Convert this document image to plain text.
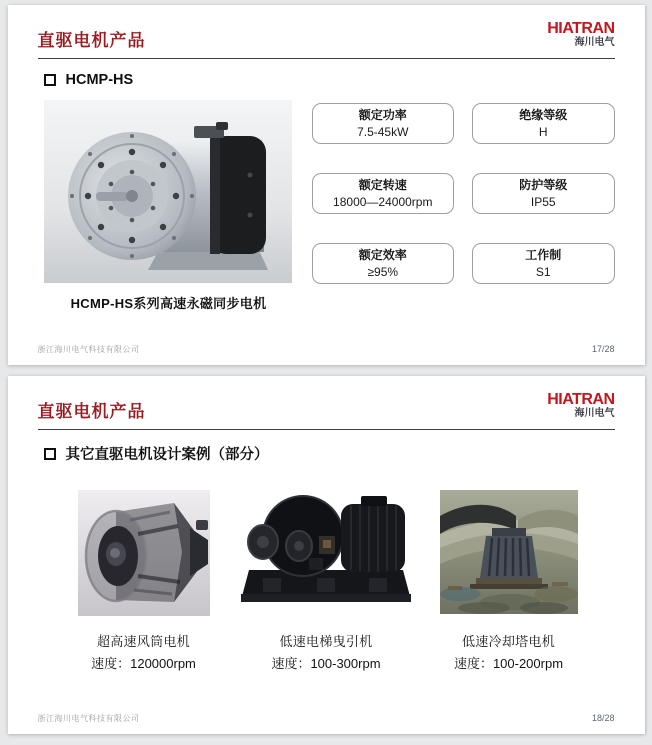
直驱电机产品
HIATRAN
海川电气
HCMP-HS
HCMP-HS系列高速永磁同步电机
额定功率
7.5-45kW
绝缘等级
H
额定转速
18000—24000rpm
防护等级
IP55
额定效率
≥95%
工作制
S1
浙江海川电气科技有限公司	17/28
直驱电机产品
HIATRAN
海川电气
其它直驱电机设计案例（部分）
超高速风筒电机
速度：120000rpm
低速电梯曳引机
速度：100-300rpm
低速冷却塔电机
速度：100-200rpm
浙江海川电气科技有限公司	18/28
